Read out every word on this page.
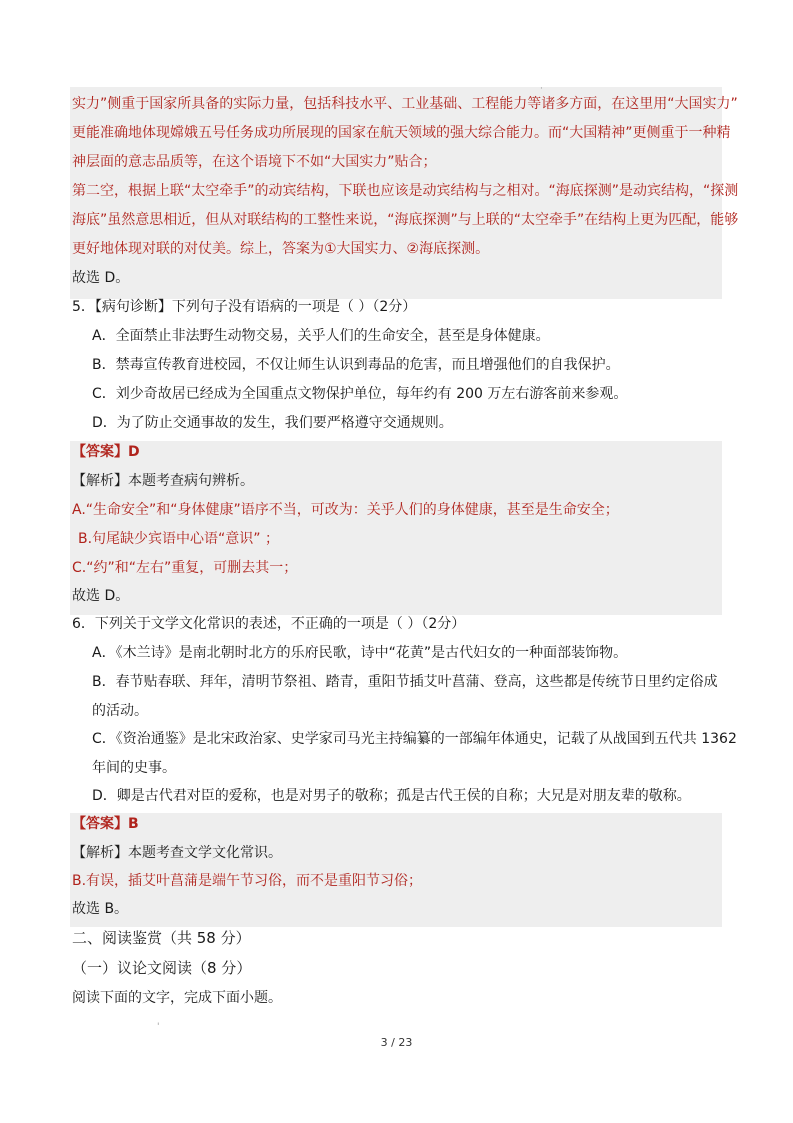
实力”侧重于国家所具备的实际力量，包括科技水平、工业基础、工程能力等诸多方面，在这里用“大国实力”
更能准确地体现嫦娥五号任务成功所展现的国家在航天领域的强大综合能力。而“大国精神”更侧重于一种精
神层面的意志品质等，在这个语境下不如“大国实力”贴合；
第二空，根据上联“太空牵手”的动宾结构，下联也应该是动宾结构与之相对。“海底探测”是动宾结构，“探测
海底”虽然意思相近，但从对联结构的工整性来说，“海底探测”与上联的“太空牵手”在结构上更为匹配，能够
更好地体现对联的对仗美。综上，答案为①大国实力、②海底探测。
故选 D。
5．【病句诊断】下列句子没有语病的一项是（ ）（2分）
A．全面禁止非法野生动物交易，关乎人们的生命安全，甚至是身体健康。
B．禁毒宣传教育进校园，不仅让师生认识到毒品的危害，而且增强他们的自我保护。
C．刘少奇故居已经成为全国重点文物保护单位，每年约有 200 万左右游客前来参观。
D．为了防止交通事故的发生，我们要严格遵守交通规则。
【答案】D
【解析】本题考查病句辨析。
A.“生命安全”和“身体健康”语序不当，可改为：关乎人们的身体健康，甚至是生命安全；
B.句尾缺少宾语中心语“意识” ；
C.“约”和“左右”重复，可删去其一；
故选 D。
6．下列关于文学文化常识的表述，不正确的一项是（ ）（2分）
A．《木兰诗》是南北朝时北方的乐府民歌，诗中“花黄”是古代妇女的一种面部装饰物。
B．春节贴春联、拜年，清明节祭祖、踏青，重阳节插艾叶菖蒲、登高，这些都是传统节日里约定俗成
的活动。
C．《资治通鉴》是北宋政治家、史学家司马光主持编纂的一部编年体通史，记载了从战国到五代共 1362
年间的史事。
D．卿是古代君对臣的爱称，也是对男子的敬称；孤是古代王侯的自称；大兄是对朋友辈的敬称。
【答案】B
【解析】本题考查文学文化常识。
B.有误，插艾叶菖蒲是端午节习俗，而不是重阳节习俗；
故选 B。
二、阅读鉴赏（共 58 分）
（一）议论文阅读（8 分）
阅读下面的文字，完成下面小题。
'
·
3 / 23
